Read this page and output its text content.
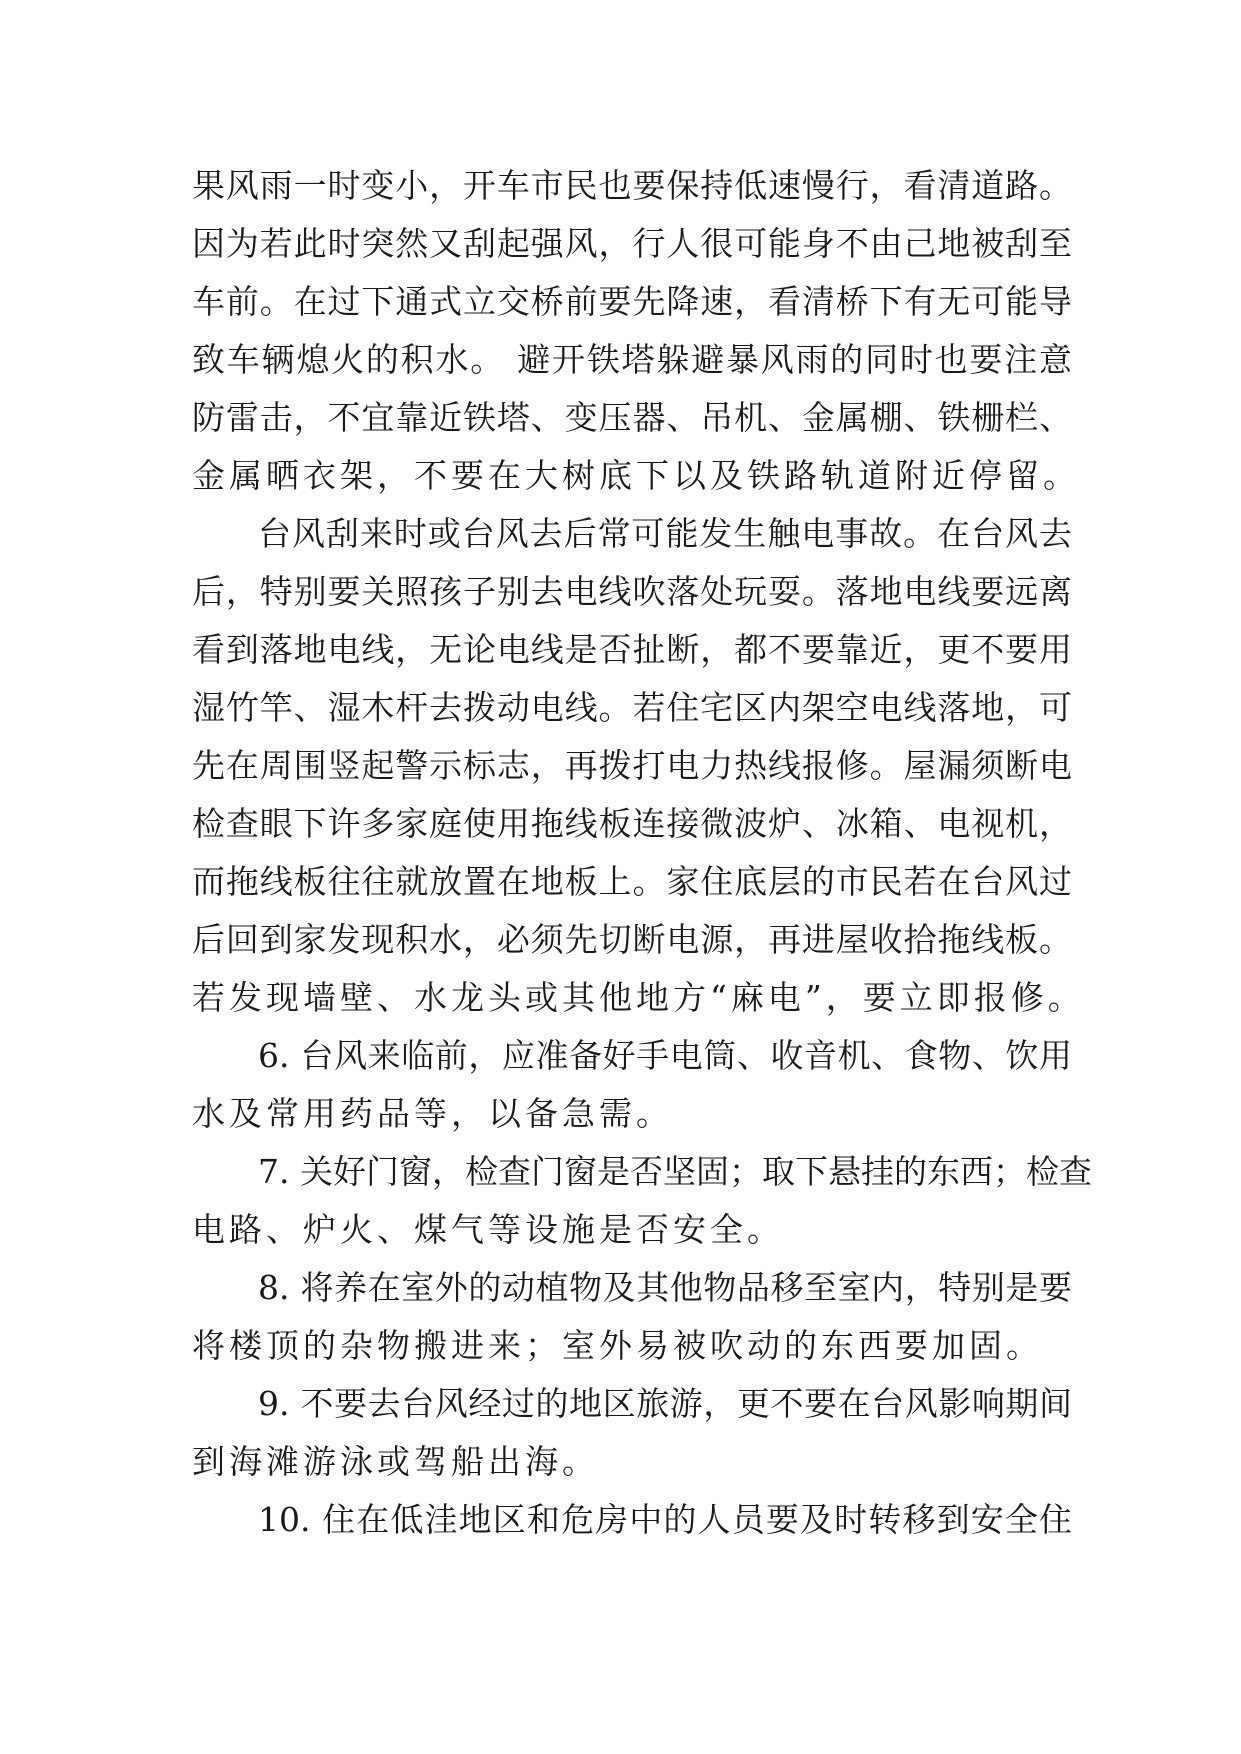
果风雨一时变小，开车市民也要保持低速慢行，看清道路。
因为若此时突然又刮起强风，行人很可能身不由己地被刮至
车前。在过下通式立交桥前要先降速，看清桥下有无可能导
致车辆熄火的积水。 避开铁塔躲避暴风雨的同时也要注意
防雷击，不宜靠近铁塔、变压器、吊机、金属棚、铁栅栏、
金属晒衣架，不要在大树底下以及铁路轨道附近停留。
台风刮来时或台风去后常可能发生触电事故。在台风去
后，特别要关照孩子别去电线吹落处玩耍。落地电线要远离
看到落地电线，无论电线是否扯断，都不要靠近，更不要用
湿竹竿、湿木杆去拨动电线。若住宅区内架空电线落地，可
先在周围竖起警示标志，再拨打电力热线报修。屋漏须断电
检查眼下许多家庭使用拖线板连接微波炉、冰箱、电视机，
而拖线板往往就放置在地板上。家住底层的市民若在台风过
后回到家发现积水，必须先切断电源，再进屋收拾拖线板。
若发现墙壁、水龙头或其他地方“麻电”，要立即报修。
6. 台风来临前，应准备好手电筒、收音机、食物、饮用
水及常用药品等，以备急需。
7. 关好门窗，检查门窗是否坚固；取下悬挂的东西；检查
电路、炉火、煤气等设施是否安全。
8. 将养在室外的动植物及其他物品移至室内，特别是要
将楼顶的杂物搬进来；室外易被吹动的东西要加固。
9. 不要去台风经过的地区旅游，更不要在台风影响期间
到海滩游泳或驾船出海。
10. 住在低洼地区和危房中的人员要及时转移到安全住
